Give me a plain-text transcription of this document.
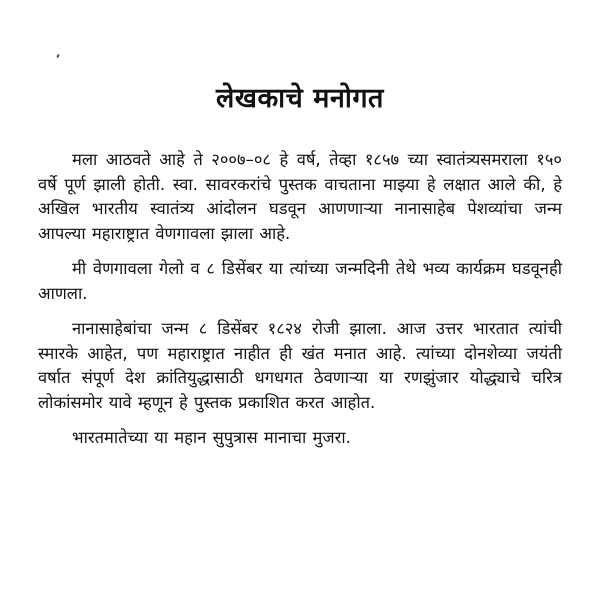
लेखकाचे मनोगत

मला आठवते आहे ते २००७–०८ हे वर्ष, तेव्हा १८५७ च्या स्वातंत्र्यसमराला १५० वर्षे पूर्ण झाली होती. स्वा. सावरकरांचे पुस्तक वाचताना माझ्या हे लक्षात आले की, हे अखिल भारतीय स्वातंत्र्य आंदोलन घडवून आणणाऱ्या नानासाहेब पेशव्यांचा जन्म आपल्या महाराष्ट्रात वेणगावला झाला आहे.

मी वेणगावला गेलो व ८ डिसेंबर या त्यांच्या जन्मदिनी तेथे भव्य कार्यक्रम घडवूनही आणला.

नानासाहेबांचा जन्म ८ डिसेंबर १८२४ रोजी झाला. आज उत्तर भारतात त्यांची स्मारके आहेत, पण महाराष्ट्रात नाहीत ही खंत मनात आहे. त्यांच्या दोनशेव्या जयंती वर्षात संपूर्ण देश क्रांतियुद्धासाठी धगधगत ठेवणाऱ्या या रणझुंजार योद्ध्याचे चरित्र लोकांसमोर यावे म्हणून हे पुस्तक प्रकाशित करत आहोत.

भारतमातेच्या या महान सुपुत्रास मानाचा मुजरा.
